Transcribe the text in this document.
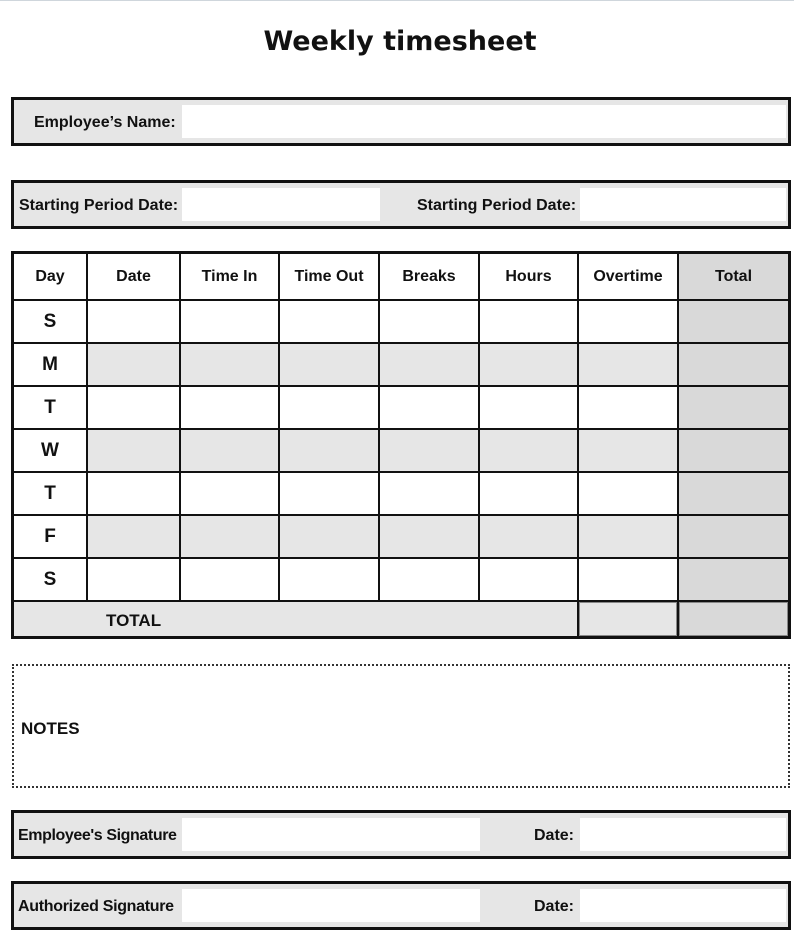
Weekly timesheet
Employee’s Name:
Starting Period Date:	Starting Period Date:
Day	Date	Time In	Time Out	Breaks	Hours	Overtime	Total
S
M
T
W
T
F
S
TOTAL
NOTES
Employee's Signature	Date:
Authorized Signature	Date:
